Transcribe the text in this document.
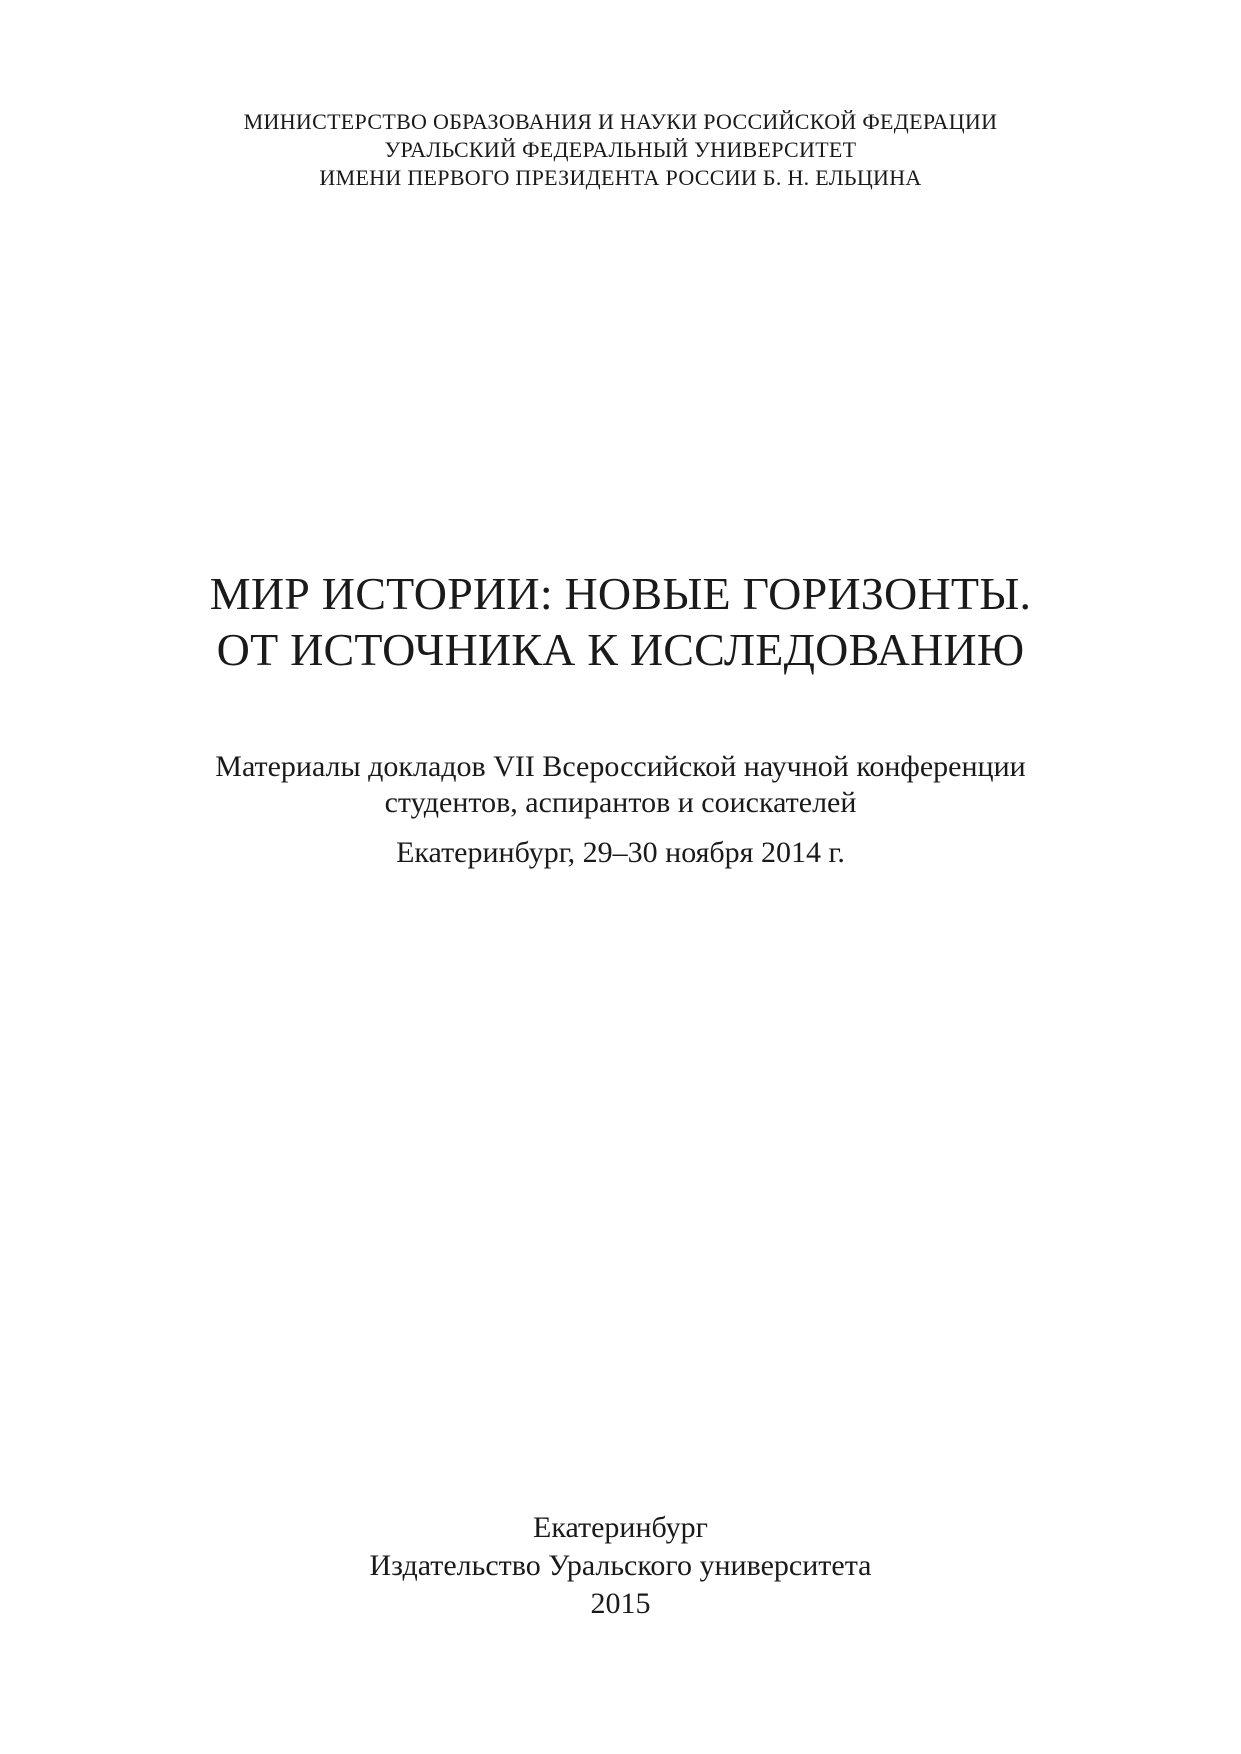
МИНИСТЕРСТВО ОБРАЗОВАНИЯ И НАУКИ РОССИЙСКОЙ ФЕДЕРАЦИИ
УРАЛЬСКИЙ ФЕДЕРАЛЬНЫЙ УНИВЕРСИТЕТ
ИМЕНИ ПЕРВОГО ПРЕЗИДЕНТА РОССИИ Б. Н. ЕЛЬЦИНА
МИР ИСТОРИИ: НОВЫЕ ГОРИЗОНТЫ.
ОТ ИСТОЧНИКА К ИССЛЕДОВАНИЮ
Материалы докладов VII Всероссийской научной конференции
студентов, аспирантов и соискателей
Екатеринбург, 29–30 ноября 2014 г.
Екатеринбург
Издательство Уральского университета
2015
